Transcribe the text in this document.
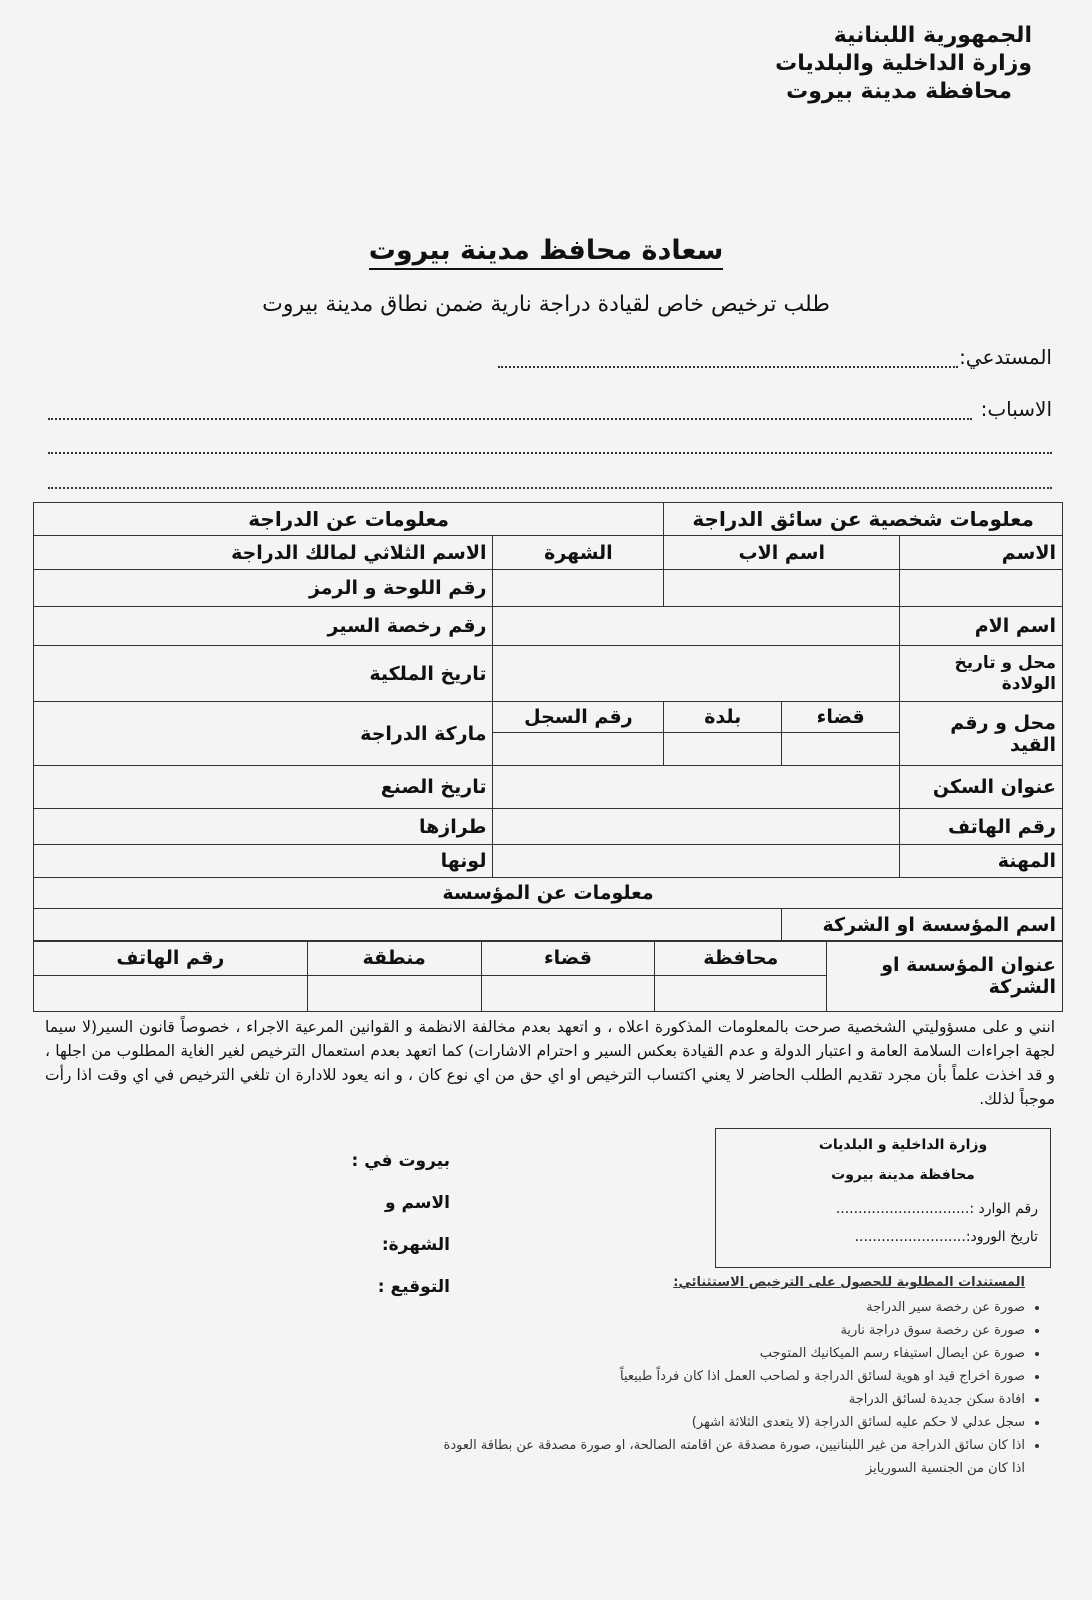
الجمهورية اللبنانية
وزارة الداخلية والبلديات
محافظة مدينة بيروت
سعادة محافظ مدينة بيروت
طلب ترخيص خاص لقيادة دراجة نارية ضمن نطاق مدينة بيروت
المستدعي:
الاسباب:
معلومات شخصية عن سائق الدراجة			معلومات عن الدراجة	
الاسم	اسم الاب		الشهرة	الاسم الثلاثي لمالك الدراجة
				رقم اللوحة و الرمز
اسم الام				رقم رخصة السير
محل و تاريخ الولادة				تاريخ الملكية
محل و رقم القيد	قضاء	بلدة	رقم السجل	ماركة الدراجة

عنوان السكن				تاريخ الصنع
رقم الهاتف				طرازها
المهنة				لونها
معلومات عن المؤسسة				
اسم المؤسسة او الشركة				
عنوان المؤسسة او الشركة	محافظة	قضاء	منطقة	رقم الهاتف

انني و على مسؤوليتي الشخصية صرحت بالمعلومات المذكورة اعلاه ، و اتعهد بعدم مخالفة الانظمة و القوانين المرعية الاجراء ، خصوصاً قانون السير(لا سيما لجهة اجراءات السلامة العامة و اعتبار الدولة و عدم القيادة بعكس السير و احترام الاشارات) كما اتعهد بعدم استعمال الترخيص لغير الغاية المطلوب من اجلها ، و قد اخذت علماً بأن مجرد تقديم الطلب الحاضر لا يعني اكتساب الترخيص او اي حق من اي نوع كان ، و انه يعود للادارة ان تلغي الترخيص في اي وقت اذا رأت موجباً لذلك.
بيروت في :
الاسم و الشهرة:
التوقيع :
وزارة الداخلية و البلديات
محافظة مدينة بيروت
رقم الوارد :..............................
تاريخ الورود:.........................
المستندات المطلوبة للحصول على الترخيص الاستثنائي:
• صورة عن رخصة سير الدراجة
• صورة عن رخصة سوق دراجة نارية
• صورة عن ايصال استيفاء رسم الميكانيك المتوجب
• صورة اخراج قيد او هوية لسائق الدراجة و لصاحب العمل اذا كان فرداً طبيعياً
• افادة سكن جديدة لسائق الدراجة
• سجل عدلي لا حكم عليه لسائق الدراجة (لا يتعدى الثلاثة اشهر)
• اذا كان سائق الدراجة من غير اللبنانيين، صورة مصدقة عن اقامته الصالحة، او صورة مصدقة عن بطاقة العودة اذا كان من الجنسية السوريايز
